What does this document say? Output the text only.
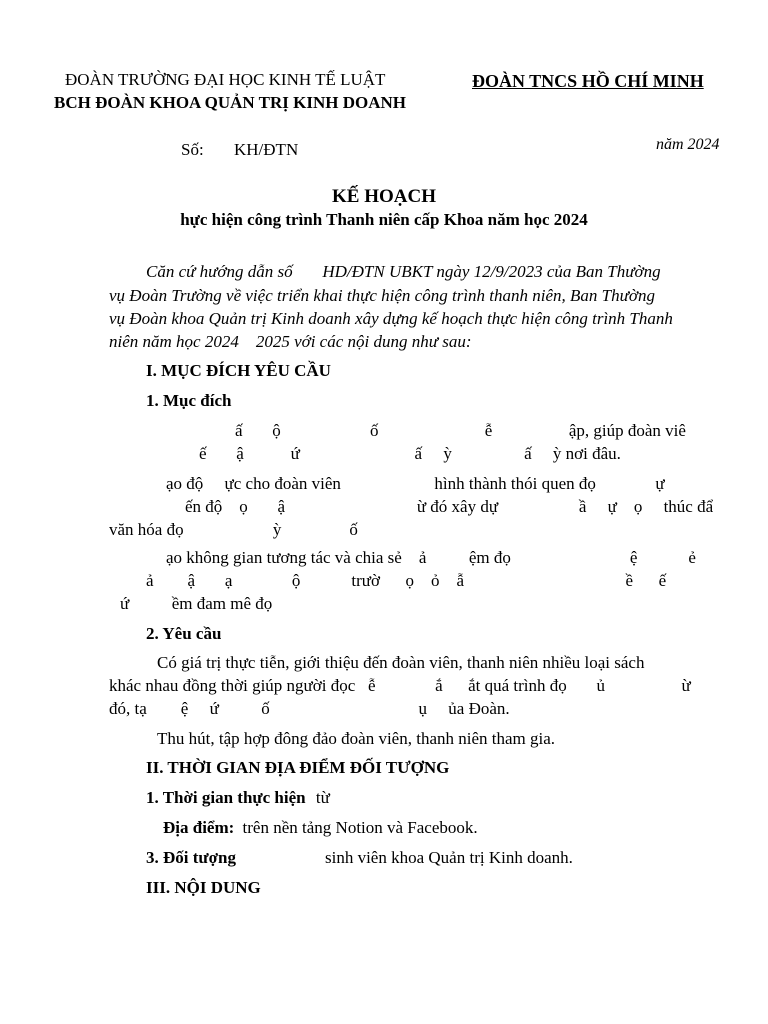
ĐOÀN TRƯỜNG ĐẠI HỌC KINH TẾ LUẬT
BCH ĐOÀN KHOA QUẢN TRỊ KINH DOANH
ĐOÀN TNCS HỒ CHÍ MINH
Số: KH/ĐTN	năm 2024
KẾ HOẠCH
hực hiện công trình Thanh niên cấp Khoa năm học 2024
Căn cứ hướng dẫn số       HD/ĐTN UBKT ngày 12/9/2023 của Ban Thường
vụ Đoàn Trường về việc triển khai thực hiện công trình thanh niên, Ban Thường
vụ Đoàn khoa Quản trị Kinh doanh xây dựng kế hoạch thực hiện công trình Thanh
niên năm học 2024    2025 với các nội dung như sau:
I. MỤC ĐÍCH YÊU CẦU
1. Mục đích
ấ       ộ                     ố                         ễ                  ập, giúp đoàn viê
ế       ậ           ứ                           ấ     ỳ                 ấ     ỳ nơi đâu.
ạo độ     ực cho đoàn viên                      hình thành thói quen đọ              ự
ến độ    ọ       ậ                               ừ đó xây dự                   ầ     ự    ọ     thúc đẩ
văn hóa đọ                     ỳ                ố
ạo không gian tương tác và chia sẻ    ả          ệm đọ                            ệ            ẻ
ả        ậ       ạ              ộ            trườ      ọ    ỏ    ẫ                                      ề      ế
ứ          ềm đam mê đọ
2. Yêu cầu
Có giá trị thực tiễn, giới thiệu đến đoàn viên, thanh niên nhiều loại sách
khác nhau đồng thời giúp người đọc   ễ              ắ      ắt quá trình đọ       ủ                  ừ
đó, tạ        ệ     ứ          ố                                   ụ     ủa Đoàn.
Thu hút, tập hợp đông đảo đoàn viên, thanh niên tham gia.
II. THỜI GIAN ĐỊA ĐIỂM ĐỐI TƯỢNG
1. Thời gian thực hiện từ
Địa điểm: trên nền tảng Notion và Facebook.
3. Đối tượng	sinh viên khoa Quản trị Kinh doanh.
III. NỘI DUNG
